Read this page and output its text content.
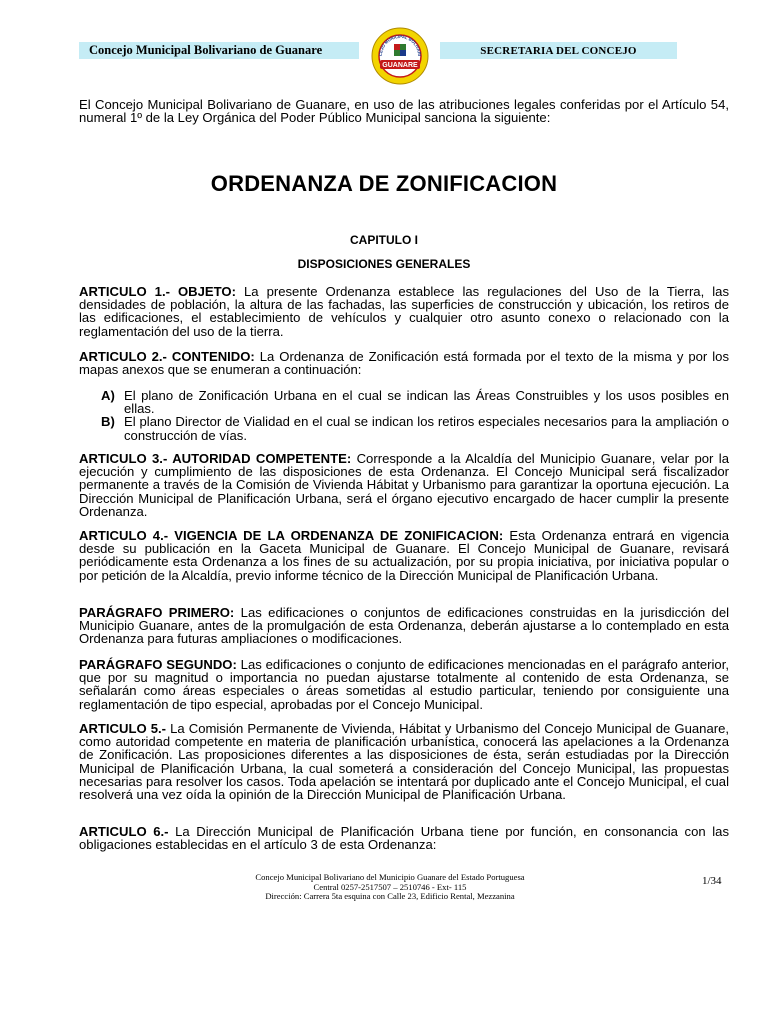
Concejo Municipal Bolivariano de Guanare	CEJO MUNICIPAL BOLIVARI
GUANARE
SECRETARIA DEL CONCEJO

El Concejo Municipal Bolivariano de Guanare, en uso de las atribuciones legales conferidas por el Artículo 54, numeral 1º de la Ley Orgánica del Poder Público Municipal sanciona la siguiente:

ORDENANZA DE ZONIFICACION
CAPITULO I
DISPOSICIONES GENERALES

ARTICULO 1.- OBJETO: La presente Ordenanza establece las regulaciones del Uso de la Tierra, las densidades de población, la altura de las fachadas, las superficies de construcción y ubicación, los retiros de las edificaciones, el establecimiento de vehículos y cualquier otro asunto conexo o relacionado con la reglamentación del uso de la tierra.

ARTICULO 2.- CONTENIDO: La Ordenanza de Zonificación está formada por el texto de la misma y por los mapas anexos que se enumeran a continuación:

A) El plano de Zonificación Urbana en el cual se indican las Áreas Construibles y los usos posibles en ellas.
B) El plano Director de Vialidad en el cual se indican los retiros especiales necesarios para la ampliación o construcción de vías.

ARTICULO 3.- AUTORIDAD COMPETENTE: Corresponde a la Alcaldía del Municipio Guanare, velar por la ejecución y cumplimiento de las disposiciones de esta Ordenanza. El Concejo Municipal será fiscalizador permanente a través de la Comisión de Vivienda Hábitat y Urbanismo para garantizar la oportuna ejecución. La Dirección Municipal de Planificación Urbana, será el órgano ejecutivo encargado de hacer cumplir la presente Ordenanza.

ARTICULO 4.- VIGENCIA DE LA ORDENANZA DE ZONIFICACION: Esta Ordenanza entrará en vigencia desde su publicación en la Gaceta Municipal de Guanare. El Concejo Municipal de Guanare, revisará periódicamente esta Ordenanza a los fines de su actualización, por su propia iniciativa, por iniciativa popular o por petición de la Alcaldía, previo informe técnico de la Dirección Municipal de Planificación Urbana.

PARÁGRAFO PRIMERO: Las edificaciones o conjuntos de edificaciones construidas en la jurisdicción del Municipio Guanare, antes de la promulgación de esta Ordenanza, deberán ajustarse a lo contemplado en esta Ordenanza para futuras ampliaciones o modificaciones.

PARÁGRAFO SEGUNDO: Las edificaciones o conjunto de edificaciones mencionadas en el parágrafo anterior, que por su magnitud o importancia no puedan ajustarse totalmente al contenido de esta Ordenanza, se señalarán como áreas especiales o áreas sometidas al estudio particular, teniendo por consiguiente una reglamentación de tipo especial, aprobadas por el Concejo Municipal.

ARTICULO 5.- La Comisión Permanente de Vivienda, Hábitat y Urbanismo del Concejo Municipal de Guanare, como autoridad competente en materia de planificación urbanística, conocerá las apelaciones a la Ordenanza de Zonificación. Las proposiciones diferentes a las disposiciones de ésta, serán estudiadas por la Dirección Municipal de Planificación Urbana, la cual someterá a consideración del Concejo Municipal, las propuestas necesarias para resolver los casos. Toda apelación se intentará por duplicado ante el Concejo Municipal, el cual resolverá una vez oída la opinión de la Dirección Municipal de Planificación Urbana.

ARTICULO 6.- La Dirección Municipal de Planificación Urbana tiene por función, en consonancia con las obligaciones establecidas en el artículo 3 de esta Ordenanza:

Concejo Municipal Bolivariano del Municipio Guanare del Estado Portuguesa
Central 0257-2517507 – 2510746 - Ext- 115
Dirección: Carrera 5ta esquina con Calle 23, Edificio Rental, Mezzanina
1/34
